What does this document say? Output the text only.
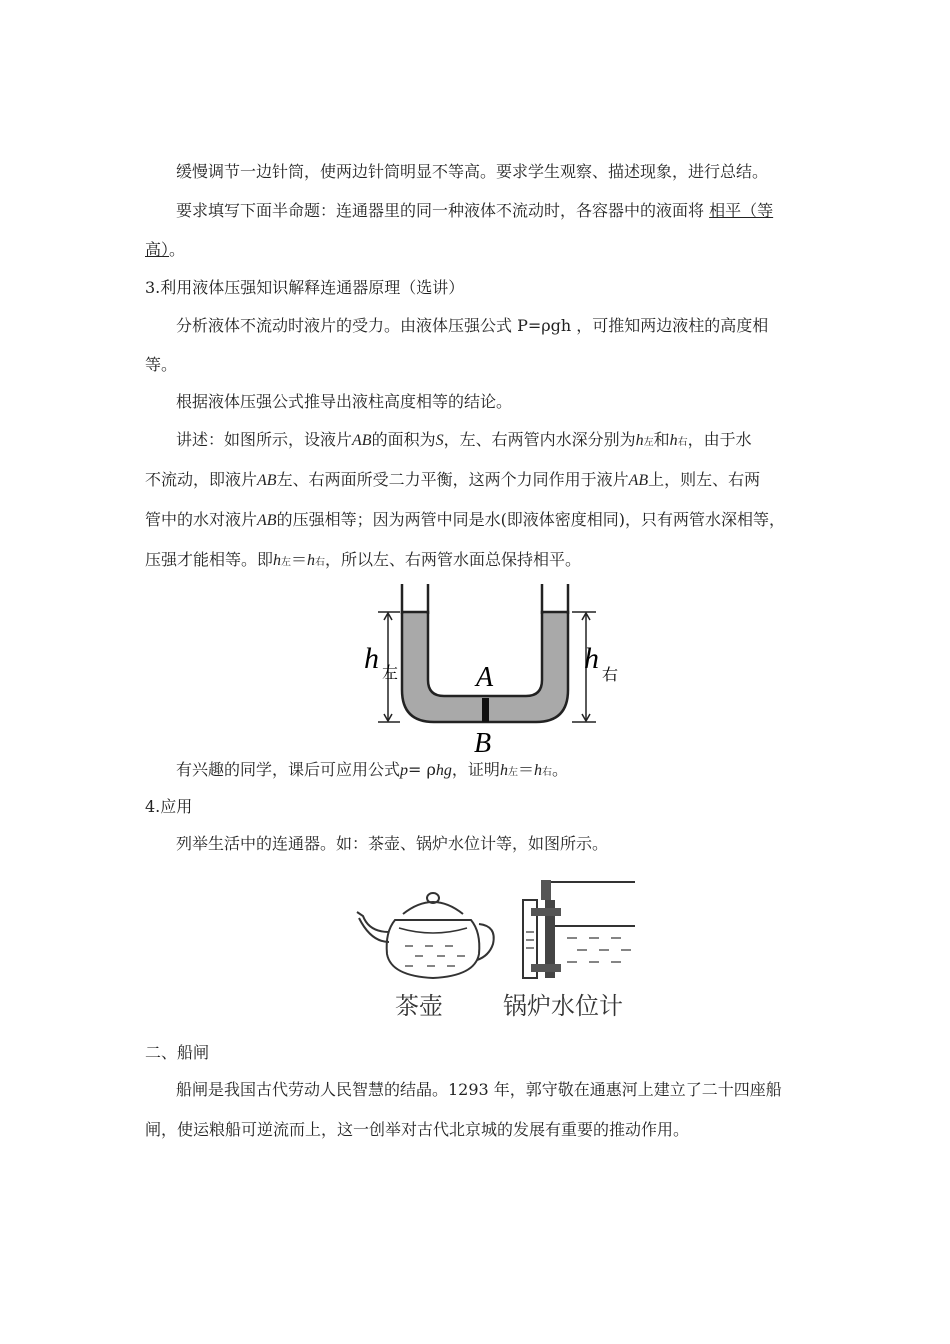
缓慢调节一边针筒，使两边针筒明显不等高。要求学生观察、描述现象，进行总结。
要求填写下面半命题：连通器里的同一种液体不流动时，各容器中的液面将 相平（等
高）。
3.利用液体压强知识解释连通器原理（选讲）
分析液体不流动时液片的受力。由液体压强公式 P=ρgh ，可推知两边液柱的高度相
等。
根据液体压强公式推导出液柱高度相等的结论。
讲述：如图所示，设液片AB的面积为S，左、右两管内水深分别为h左和h右，由于水
不流动，即液片AB左、右两面所受二力平衡，这两个力同作用于液片AB上，则左、右两
管中的水对液片AB的压强相等；因为两管中同是水(即液体密度相同)，只有两管水深相等，
压强才能相等。即h左＝h右，所以左、右两管水面总保持相平。
h 左	h 右
A
B
有兴趣的同学，课后可应用公式p= ρhg，证明h左＝h右。
4.应用
列举生活中的连通器。如：茶壶、锅炉水位计等，如图所示。
茶壶	锅炉水位计
二、船闸
船闸是我国古代劳动人民智慧的结晶。1293 年，郭守敬在通惠河上建立了二十四座船
闸，使运粮船可逆流而上，这一创举对古代北京城的发展有重要的推动作用。
